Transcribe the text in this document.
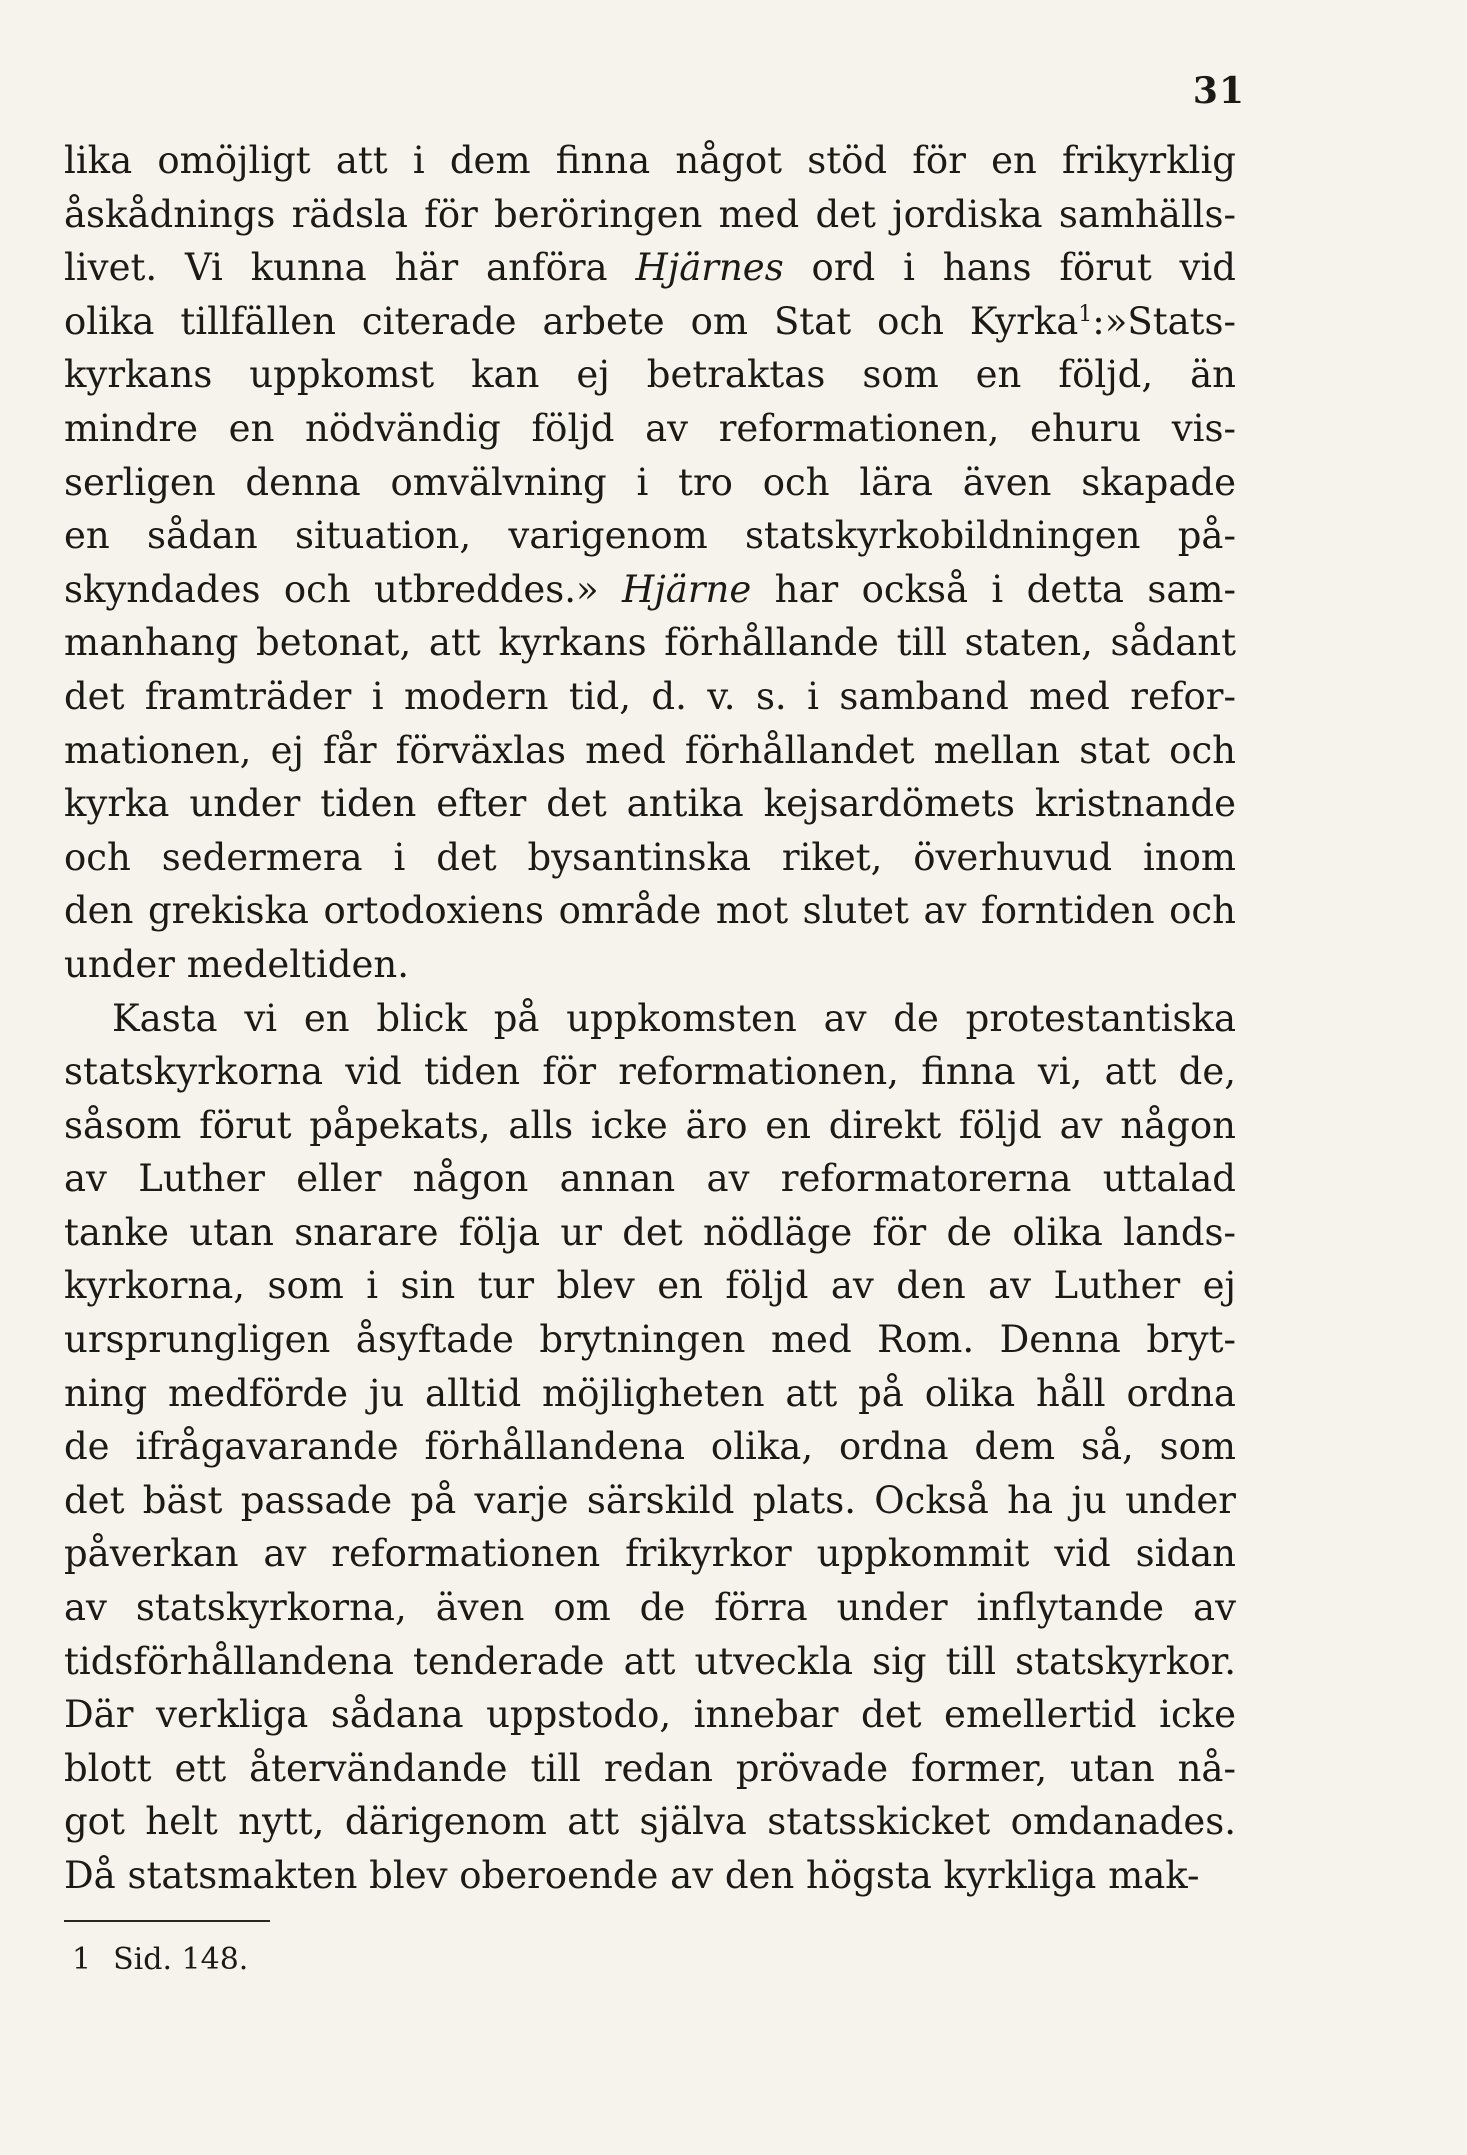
31
lika omöjligt att i dem finna något stöd för en frikyrklig
åskådnings rädsla för beröringen med det jordiska samhälls-
livet. Vi kunna här anföra Hjärnes ord i hans förut vid
olika tillfällen citerade arbete om Stat och Kyrka$^1$:»Stats-
kyrkans uppkomst kan ej betraktas som en följd, än
mindre en nödvändig följd av reformationen, ehuru vis-
serligen denna omvälvning i tro och lära även skapade
en sådan situation, varigenom statskyrkobildningen på-
skyndades och utbreddes.» Hjärne har också i detta sam-
manhang betonat, att kyrkans förhållande till staten, sådant
det framträder i modern tid, d. v. s. i samband med refor-
mationen, ej får förväxlas med förhållandet mellan stat och
kyrka under tiden efter det antika kejsardömets kristnande
och sedermera i det bysantinska riket, överhuvud inom
den grekiska ortodoxiens område mot slutet av forntiden och
under medeltiden.
Kasta vi en blick på uppkomsten av de protestantiska
statskyrkorna vid tiden för reformationen, finna vi, att de,
såsom förut påpekats, alls icke äro en direkt följd av någon
av Luther eller någon annan av reformatorerna uttalad
tanke utan snarare följa ur det nödläge för de olika lands-
kyrkorna, som i sin tur blev en följd av den av Luther ej
ursprungligen åsyftade brytningen med Rom. Denna bryt-
ning medförde ju alltid möjligheten att på olika håll ordna
de ifrågavarande förhållandena olika, ordna dem så, som
det bäst passade på varje särskild plats. Också ha ju under
påverkan av reformationen frikyrkor uppkommit vid sidan
av statskyrkorna, även om de förra under inflytande av
tidsförhållandena tenderade att utveckla sig till statskyrkor.
Där verkliga sådana uppstodo, innebar det emellertid icke
blott ett återvändande till redan prövade former, utan nå-
got helt nytt, därigenom att själva statsskicket omdanades.
Då statsmakten blev oberoende av den högsta kyrkliga mak-
1 Sid. 148.
